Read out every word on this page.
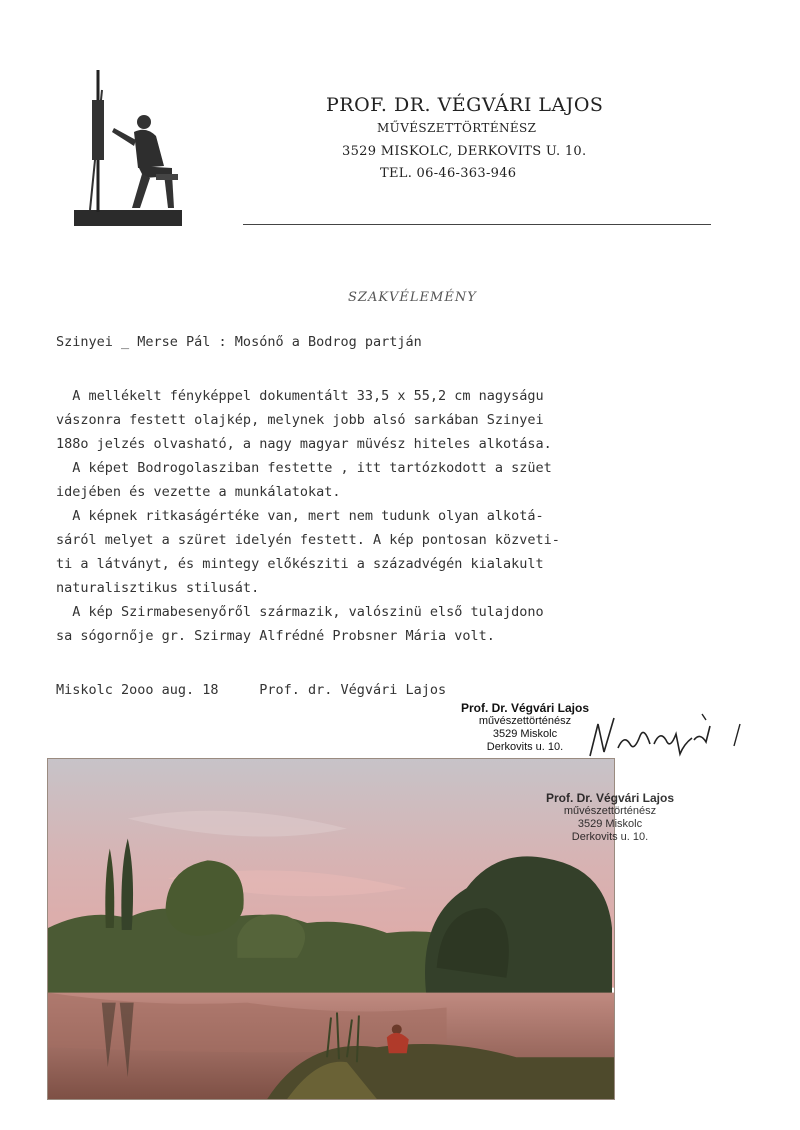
PROF. DR. VÉGVÁRI LAJOS
MŰVÉSZETTÖRTÉNÉSZ
3529 MISKOLC, DERKOVITS U. 10.
TEL. 06-46-363-946
SZAKVÉLEMÉNY
Szinyei _ Merse Pál : Mosónő a Bodrog partján
A mellékelt fényképpel dokumentált 33,5 x 55,2 cm nagyságu
vászonra festett olajkép, melynek jobb alsó sarkában Szinyei
188o jelzés olvasható, a nagy magyar müvész hiteles alkotása.
A képet Bodrogolasziban festette , itt tartózkodott a szüet
idejében és vezette a munkálatokat.
A képnek ritkaságértéke van, mert nem tudunk olyan alkotá-
sáról melyet a szüret idelyén festett. A kép pontosan közveti-
ti a látványt, és mintegy előkésziti a századvégén kialakult
naturalisztikus stilusát.
A kép Szirmabesenyőről származik, valószinü első tulajdono
sa sógornője gr. Szirmay Alfrédné Probsner Mária volt.
Miskolc 2ooo aug. 18     Prof. dr. Végvári Lajos
Prof. Dr. Végvári Lajos
művészettörténész
3529 Miskolc
Derkovits u. 10.
Prof. Dr. Végvári Lajos
művészettörténész
3529 Miskolc
Derkovits u. 10.
